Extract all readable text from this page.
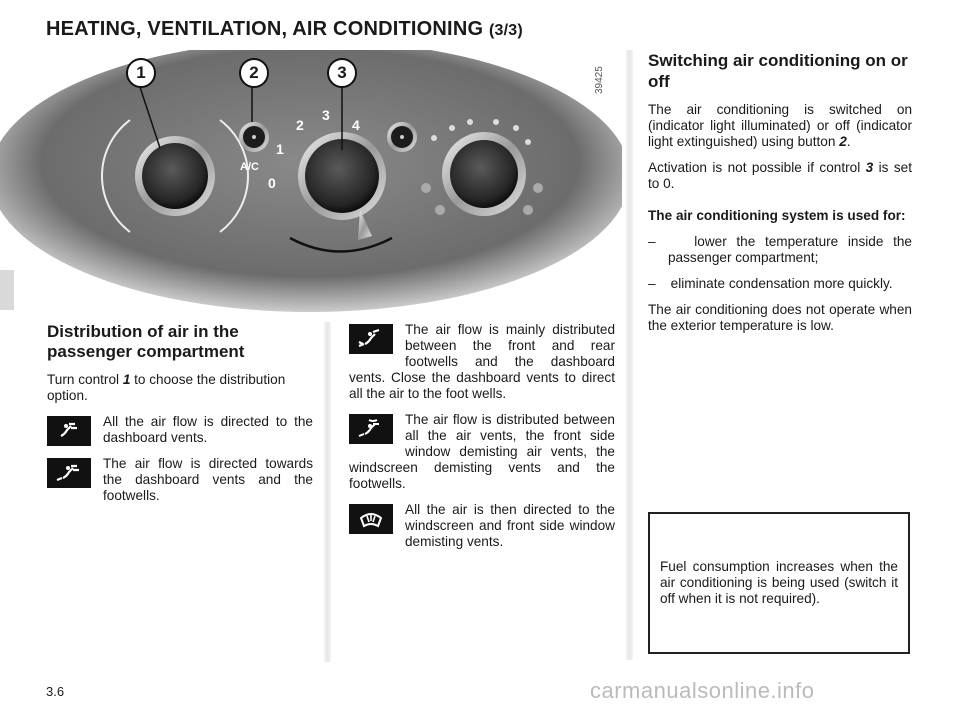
HEATING, VENTILATION, AIR CONDITIONING (3/3)
A/C
0
1
2
3
4
39425
1	2	3
Distribution of air in the passenger compartment

Turn control 1 to choose the distribution option.

All the air flow is directed to the dashboard vents.

The air flow is directed towards the dashboard vents and the footwells.

The air flow is mainly distributed between the front and rear footwells and the dashboard vents. Close the dashboard vents to direct all the air to the foot wells.

The air flow is distributed between all the air vents, the front side window demisting air vents, the windscreen demisting vents and the footwells.

All the air is then directed to the windscreen and front side window demisting vents.

Switching air conditioning on or off

The air conditioning is switched on (indicator light illuminated) or off (indicator light extinguished) using button 2.

Activation is not possible if control 3 is set to 0.

The air conditioning system is used for:

–    lower the temperature inside the passenger compartment;

–    eliminate condensation more quickly.

The air conditioning does not operate when the exterior temperature is low.

Fuel consumption increases when the air conditioning is being used (switch it off when it is not required).

3.6	carmanualsonline.info
